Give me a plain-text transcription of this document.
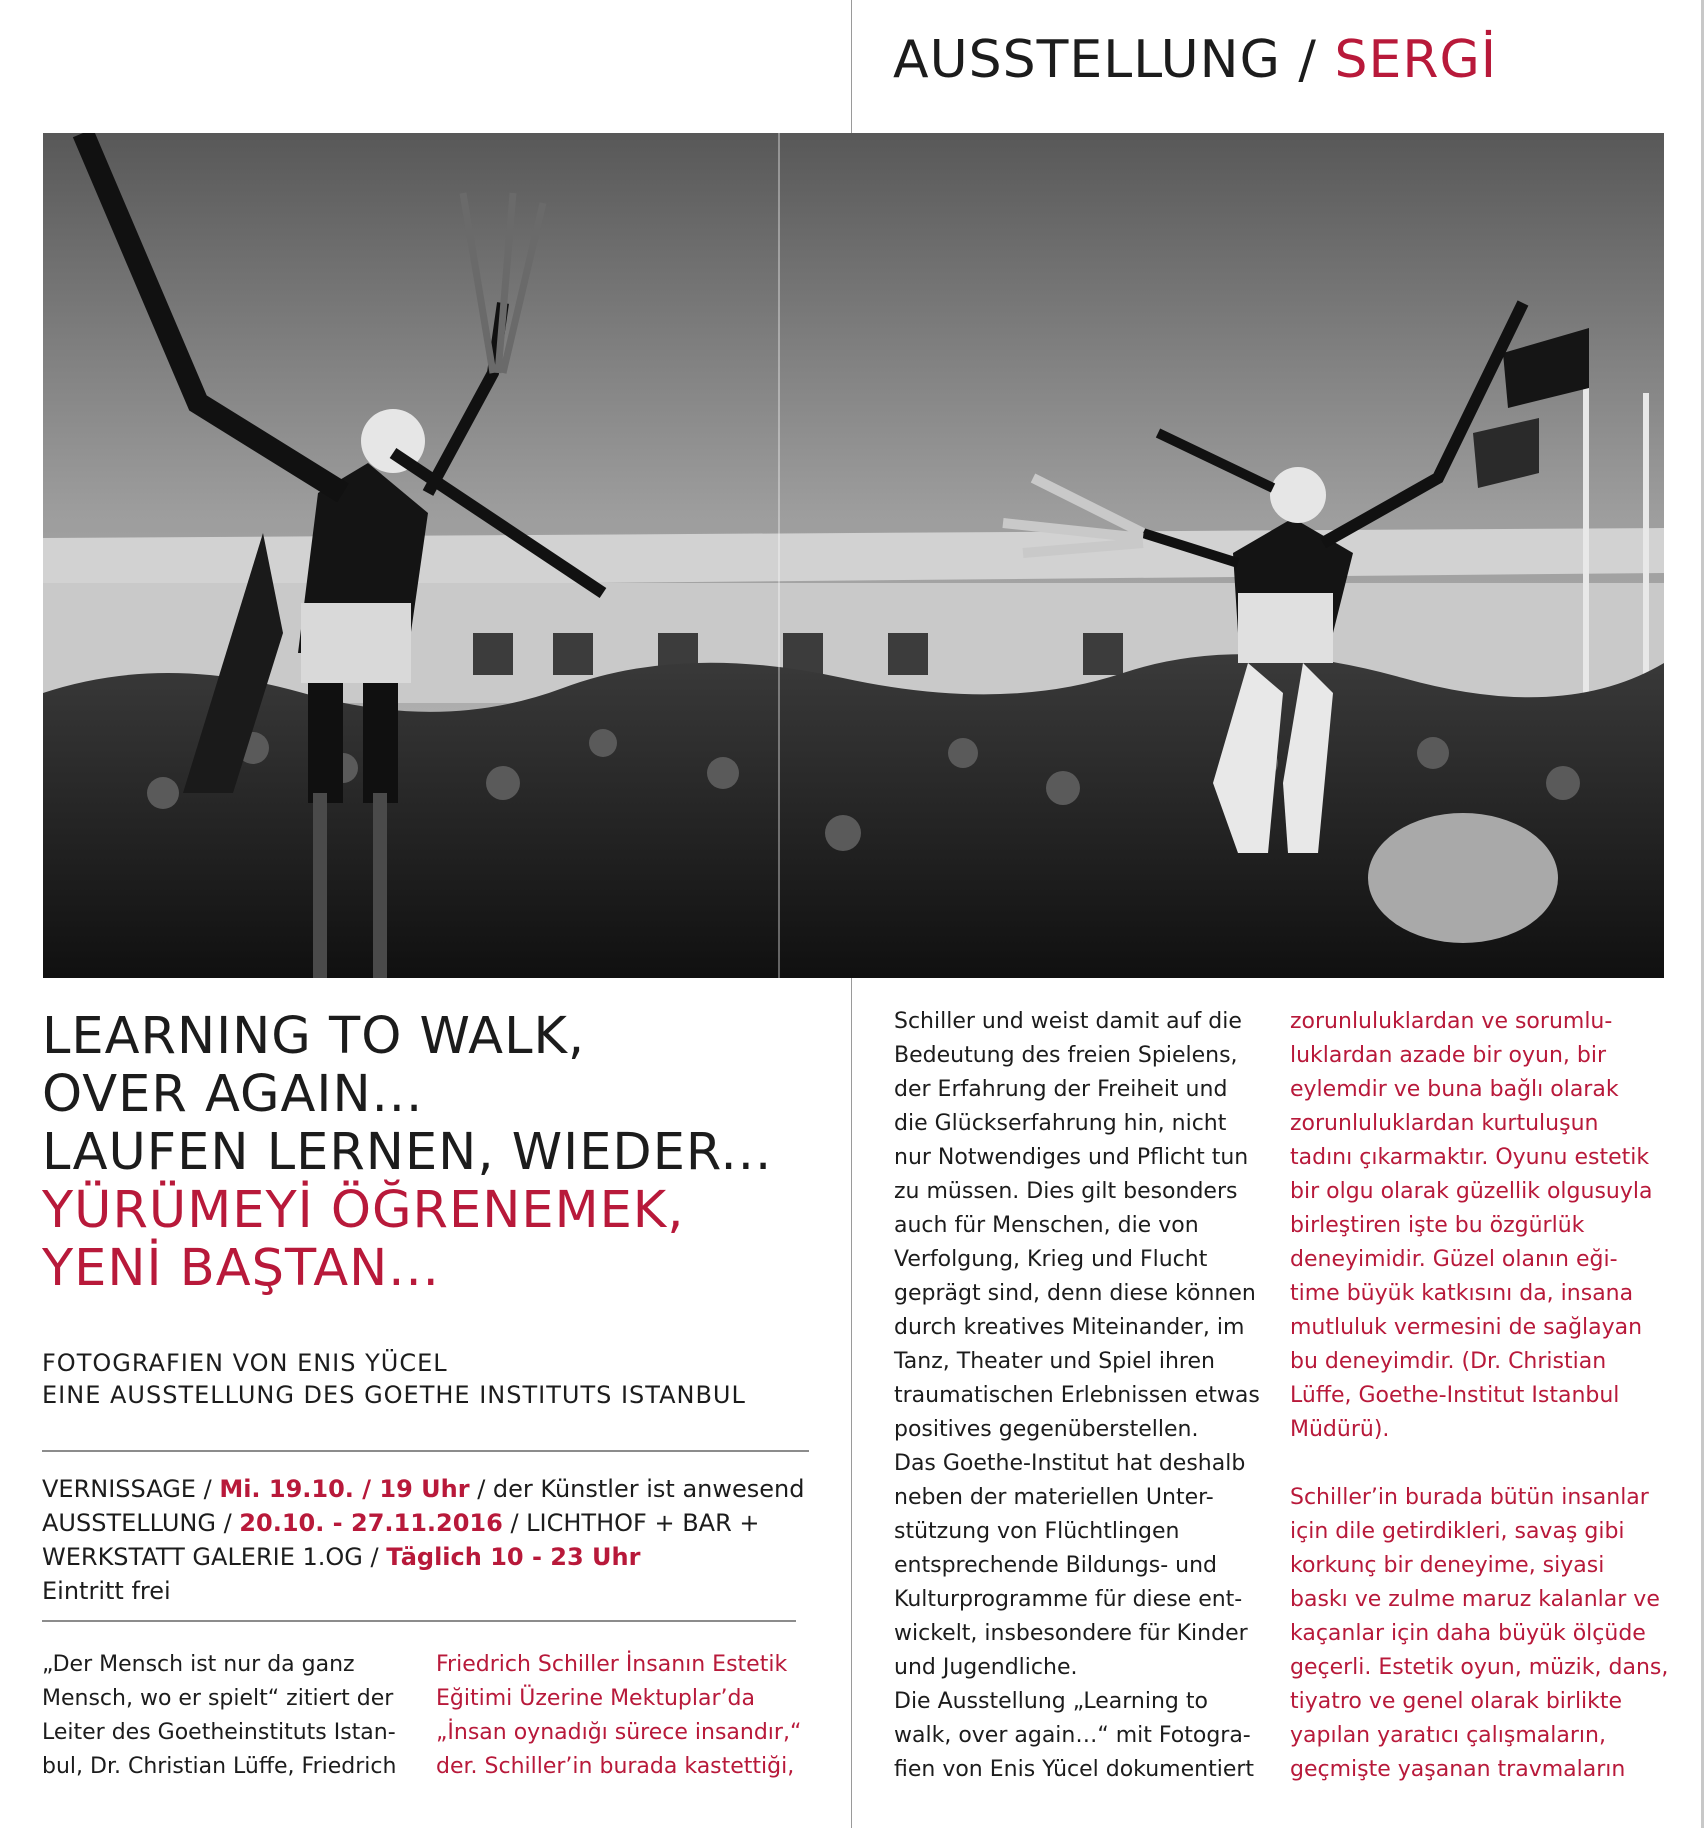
AUSSTELLUNG / SERGİ
LEARNING TO WALK,
OVER AGAIN...
LAUFEN LERNEN, WIEDER...
YÜRÜMEYİ ÖĞRENEMEK,
YENİ BAŞTAN...
FOTOGRAFIEN VON ENIS YÜCEL
EINE AUSSTELLUNG DES GOETHE INSTITUTS ISTANBUL
VERNISSAGE / Mi. 19.10. / 19 Uhr / der Künstler ist anwesend
AUSSTELLUNG / 20.10. - 27.11.2016 / LICHTHOF + BAR +
WERKSTATT GALERIE 1.OG / Täglich 10 - 23 Uhr
Eintritt frei
„Der Mensch ist nur da ganz
Mensch, wo er spielt“ zitiert der
Leiter des Goetheinstituts Istan-
bul, Dr. Christian Lüffe, Friedrich
Friedrich Schiller İnsanın Estetik
Eğitimi Üzerine Mektuplar’da
„İnsan oynadığı sürece insandır,“
der. Schiller’in burada kastettiği,
Schiller und weist damit auf die
Bedeutung des freien Spielens,
der Erfahrung der Freiheit und
die Glückserfahrung hin, nicht
nur Notwendiges und Pflicht tun
zu müssen. Dies gilt besonders
auch für Menschen, die von
Verfolgung, Krieg und Flucht
geprägt sind, denn diese können
durch kreatives Miteinander, im
Tanz, Theater und Spiel ihren
traumatischen Erlebnissen etwas
positives gegenüberstellen.
Das Goethe-Institut hat deshalb
neben der materiellen Unter-
stützung von Flüchtlingen
entsprechende Bildungs- und
Kulturprogramme für diese ent-
wickelt, insbesondere für Kinder
und Jugendliche.
Die Ausstellung „Learning to
walk, over again…“ mit Fotogra-
fien von Enis Yücel dokumentiert
zorunluluklardan ve sorumlu-
luklardan azade bir oyun, bir
eylemdir ve buna bağlı olarak
zorunluluklardan kurtuluşun
tadını çıkarmaktır. Oyunu estetik
bir olgu olarak güzellik olgusuyla
birleştiren işte bu özgürlük
deneyimidir. Güzel olanın eği-
time büyük katkısını da, insana
mutluluk vermesini de sağlayan
bu deneyimdir. (Dr. Christian
Lüffe, Goethe-Institut Istanbul
Müdürü).

Schiller’in burada bütün insanlar
için dile getirdikleri, savaş gibi
korkunç bir deneyime, siyasi
baskı ve zulme maruz kalanlar ve
kaçanlar için daha büyük ölçüde
geçerli. Estetik oyun, müzik, dans,
tiyatro ve genel olarak birlikte
yapılan yaratıcı çalışmaların,
geçmişte yaşanan travmaların
